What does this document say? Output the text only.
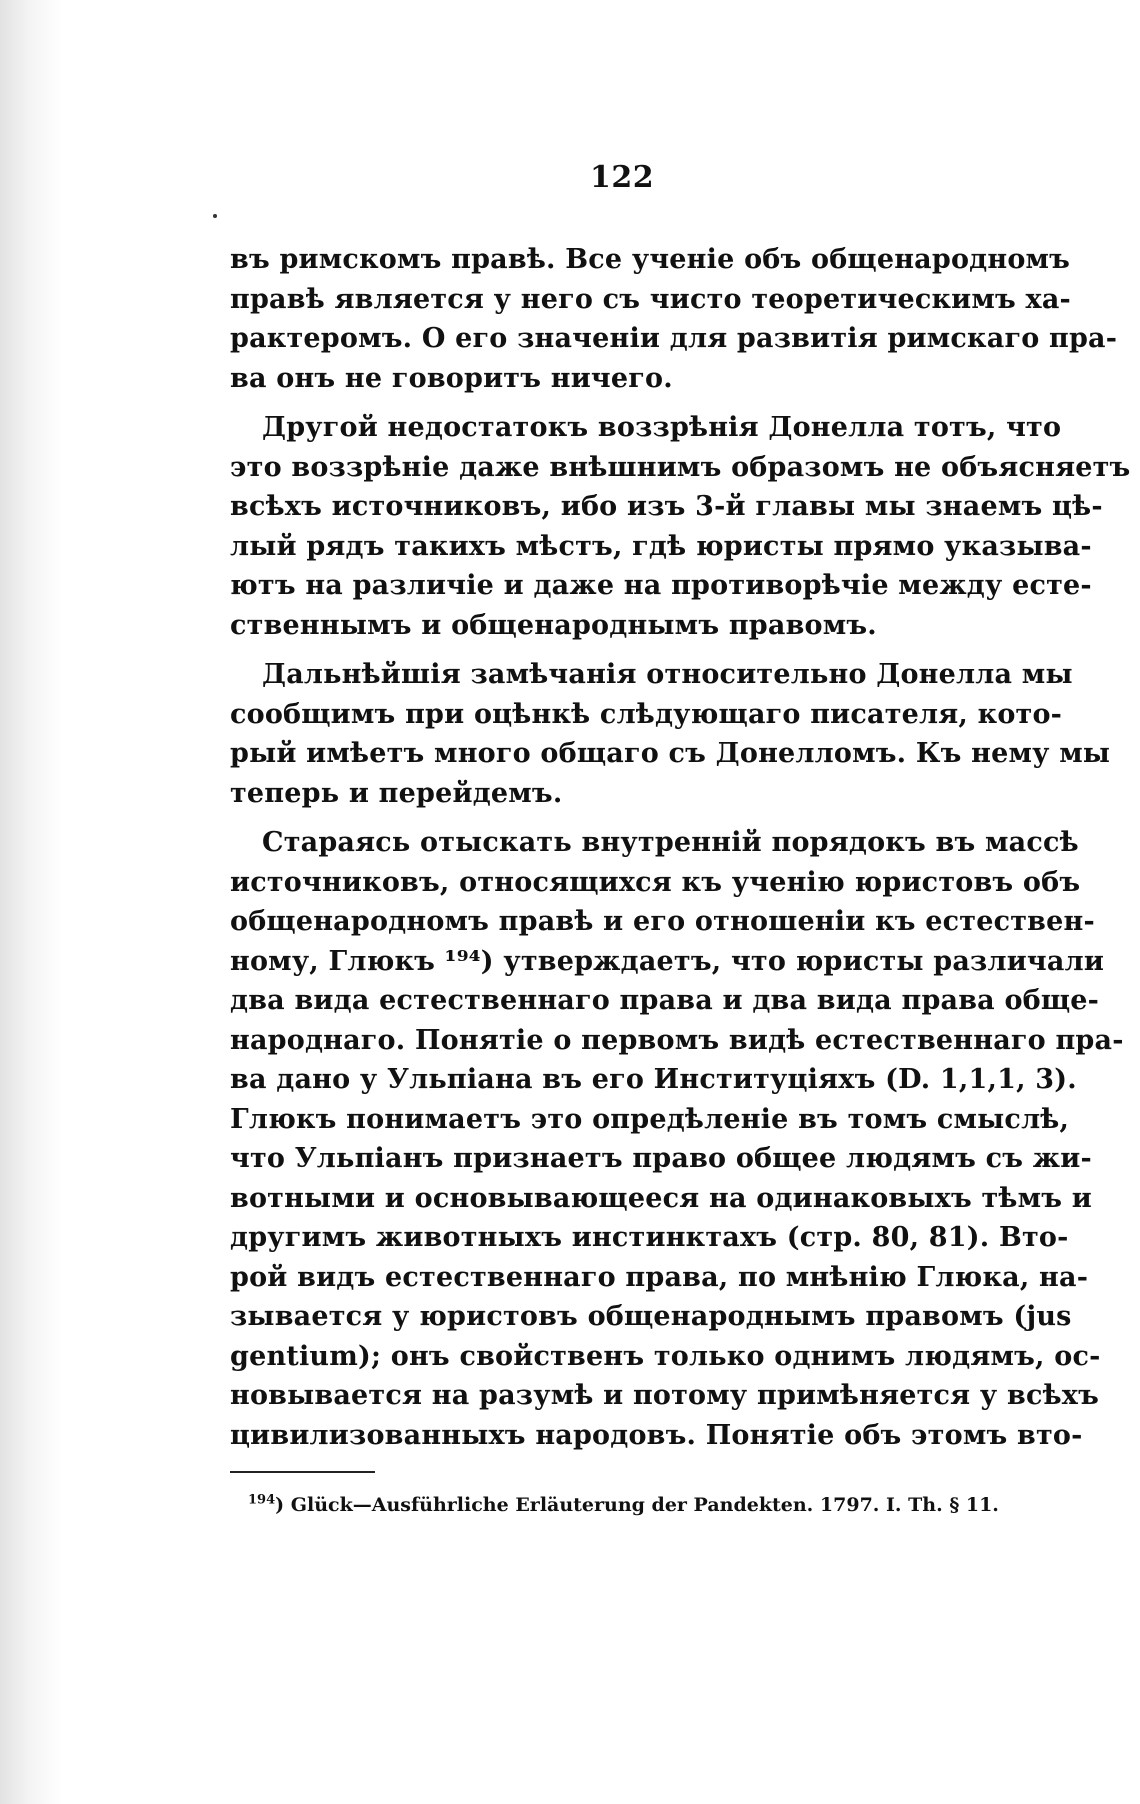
122
въ римскомъ правѣ. Все ученіе объ общенародномъ
правѣ является у него съ чисто теоретическимъ ха-
рактеромъ. О его значеніи для развитія римскаго пра-
ва онъ не говоритъ ничего.
Другой недостатокъ воззрѣнія Донелла тотъ, что
это воззрѣніе даже внѣшнимъ образомъ не объясняетъ
всѣхъ источниковъ, ибо изъ 3-й главы мы знаемъ цѣ-
лый рядъ такихъ мѣстъ, гдѣ юристы прямо указыва-
ютъ на различіе и даже на противорѣчіе между есте-
ственнымъ и общенароднымъ правомъ.
Дальнѣйшія замѣчанія относительно Донелла мы
сообщимъ при оцѣнкѣ слѣдующаго писателя, кото-
рый имѣетъ много общаго съ Донелломъ. Къ нему мы
теперь и перейдемъ.
Стараясь отыскать внутренній порядокъ въ массѣ
источниковъ, относящихся къ ученію юристовъ объ
общенародномъ правѣ и его отношеніи къ естествен-
ному, Глюкъ ¹⁹⁴) утверждаетъ, что юристы различали
два вида естественнаго права и два вида права обще-
народнаго. Понятіе о первомъ видѣ естественнаго пра-
ва дано у Ульпіана въ его Институціяхъ (D. 1,1,1, 3).
Глюкъ понимаетъ это опредѣленіе въ томъ смыслѣ,
что Ульпіанъ признаетъ право общее людямъ съ жи-
вотными и основывающееся на одинаковыхъ тѣмъ и
другимъ животныхъ инстинктахъ (стр. 80, 81). Вто-
рой видъ естественнаго права, по мнѣнію Глюка, на-
зывается у юристовъ общенароднымъ правомъ (jus
gentium); онъ свойственъ только однимъ людямъ, ос-
новывается на разумѣ и потому примѣняется у всѣхъ
цивилизованныхъ народовъ. Понятіе объ этомъ вто-
$^{194}$) Glück—Ausführliche Erläuterung der Pandekten. 1797. I. Th. § 11.
